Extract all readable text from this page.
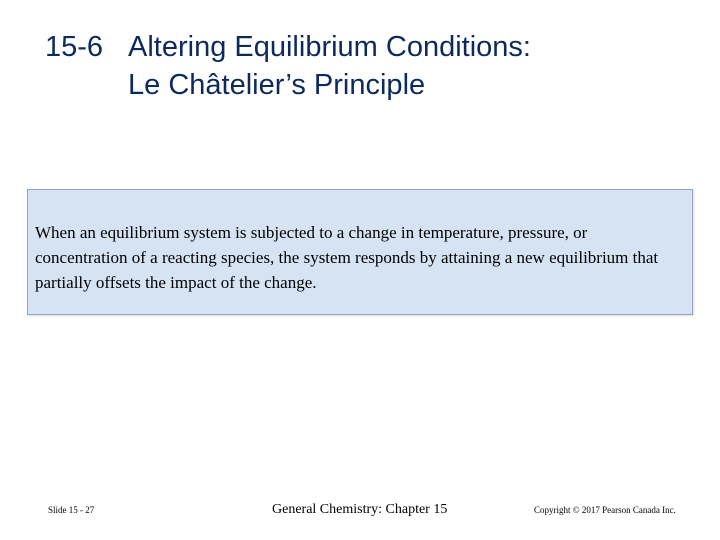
15-6 Altering Equilibrium Conditions:
Le Châtelier’s Principle
When an equilibrium system is subjected to a change in temperature, pressure, or concentration of a reacting species, the system responds by attaining a new equilibrium that partially offsets the impact of the change.
Slide 15 - 27	General Chemistry: Chapter 15	Copyright © 2017 Pearson Canada Inc.
